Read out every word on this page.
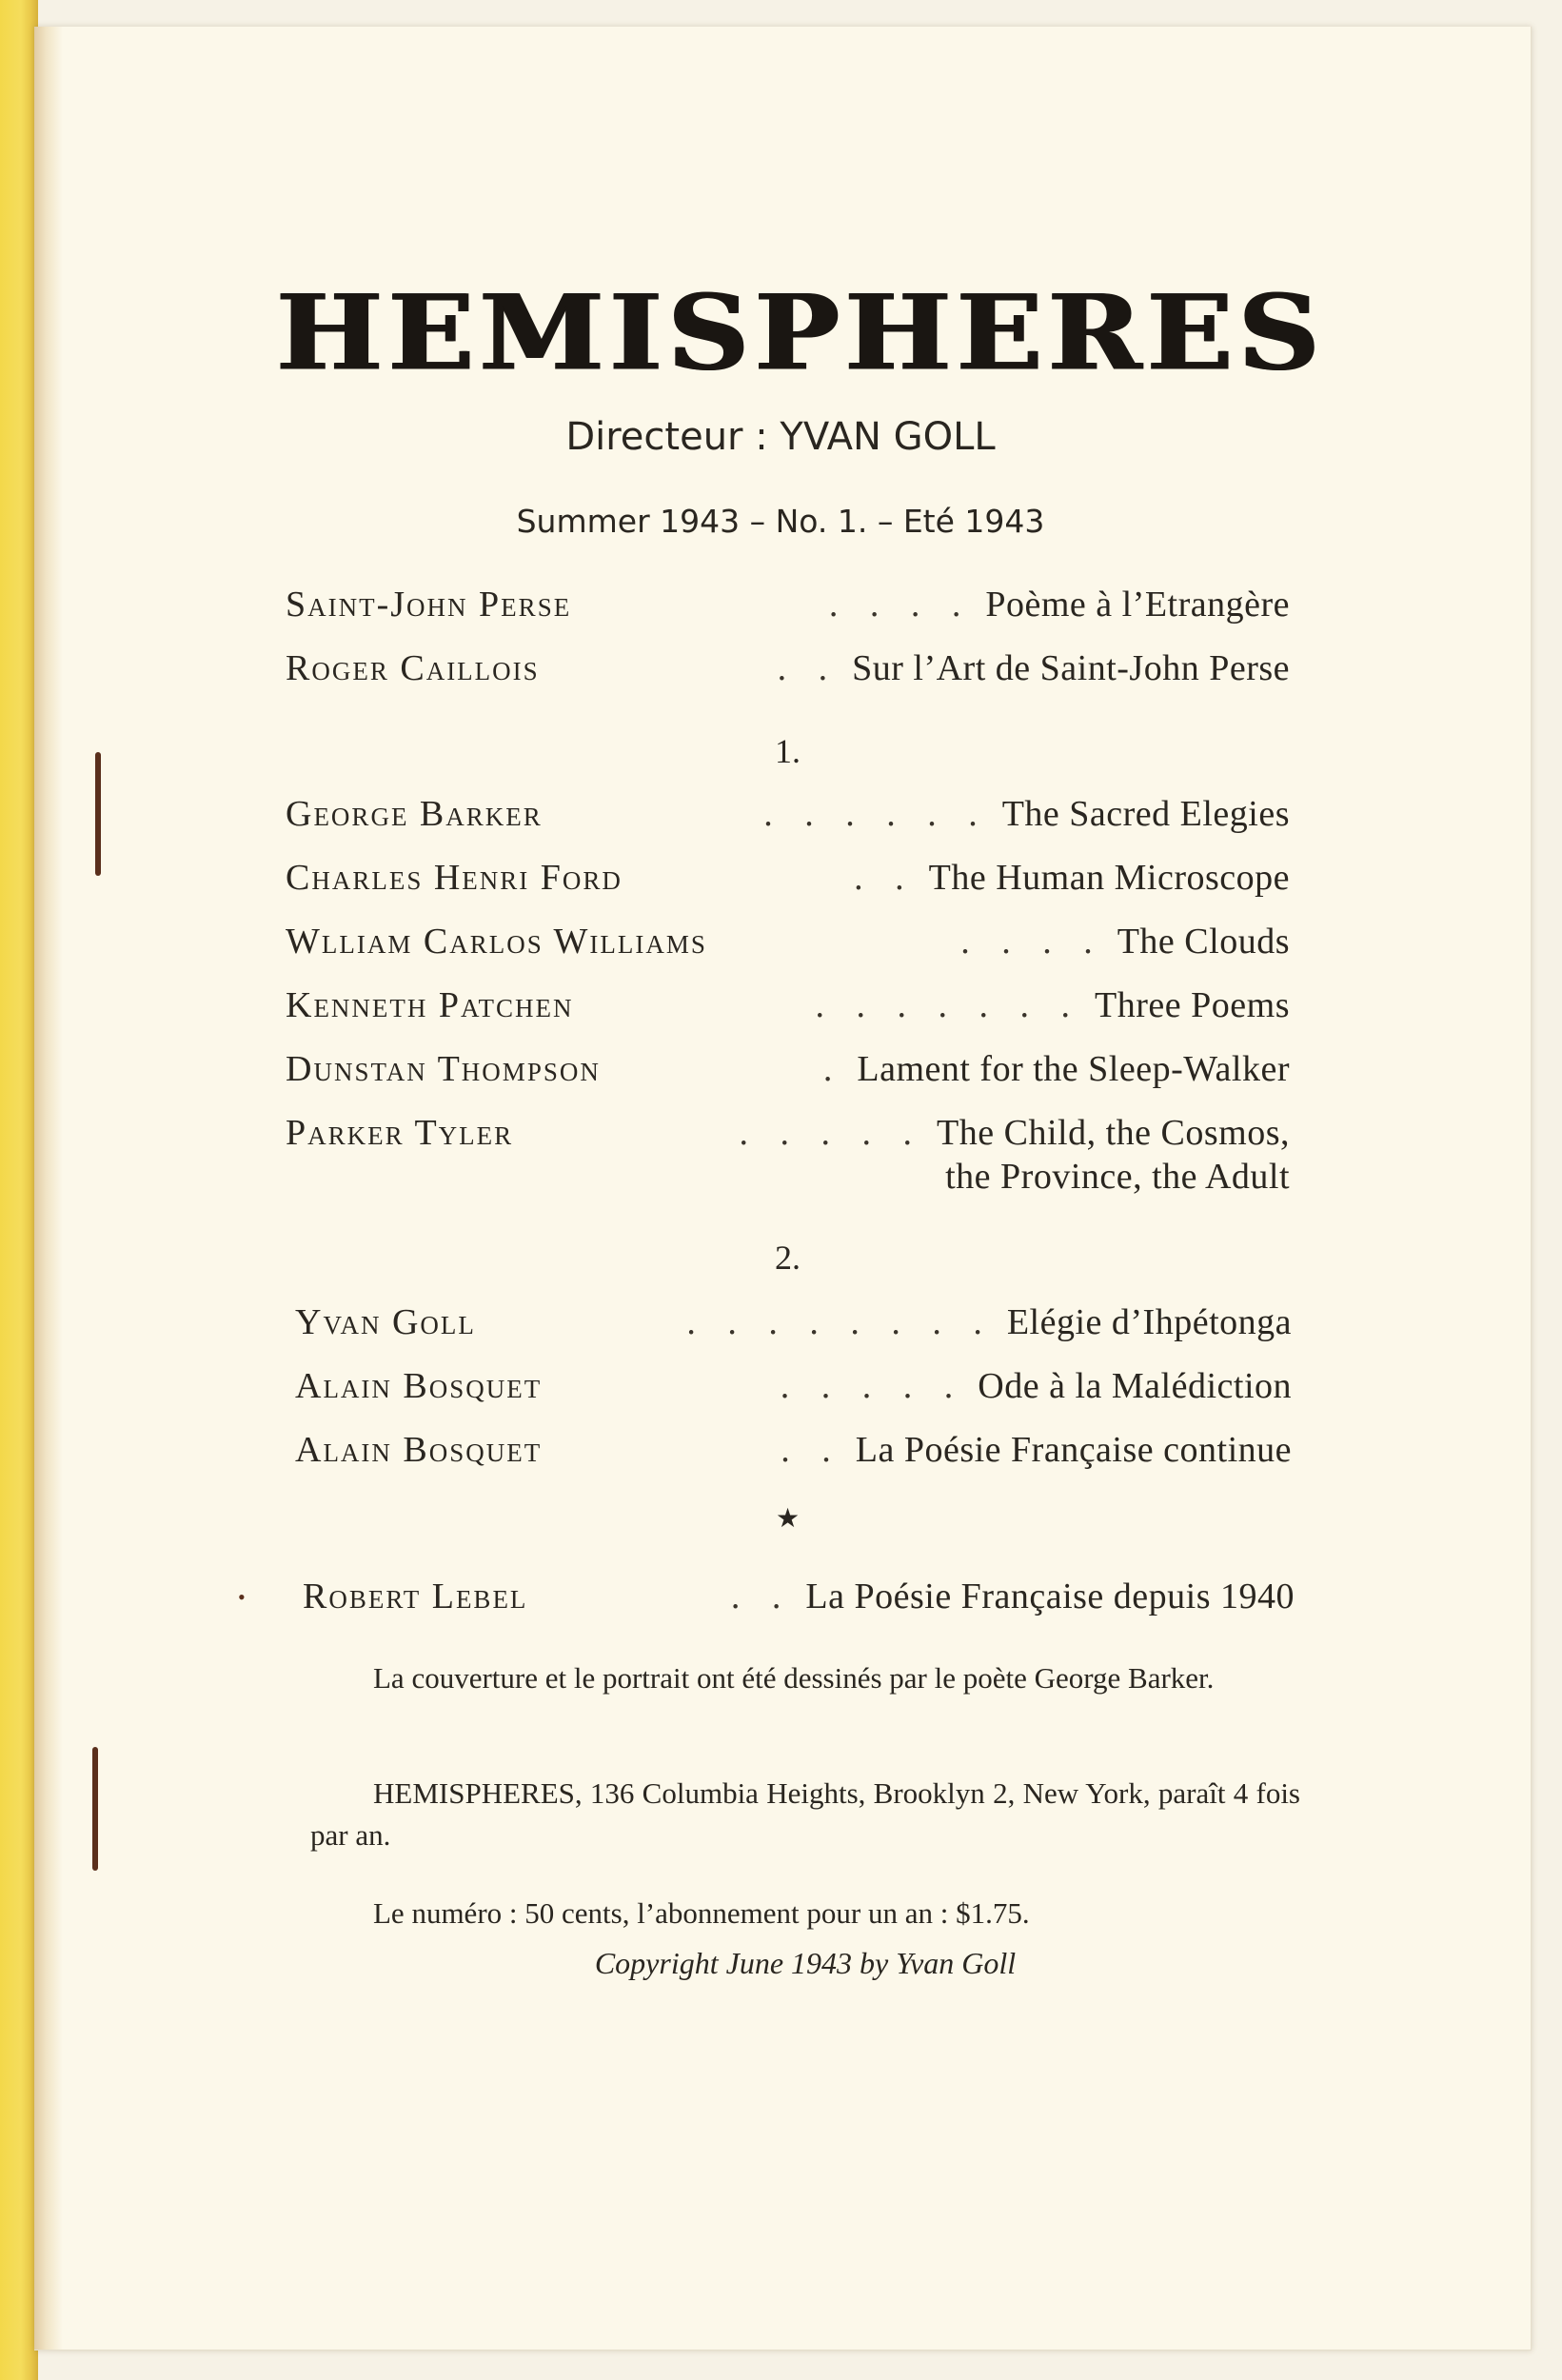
HEMISPHERES
Directeur : YVAN GOLL
Summer 1943 – No. 1. – Eté 1943
Saint-John Perse	. . . . Poème à l’Etrangère
Roger Caillois	. . Sur l’Art de Saint-John Perse
1.
George Barker	. . . . . . The Sacred Elegies
Charles Henri Ford	. . The Human Microscope
Wlliam Carlos Williams	. . . . The Clouds
Kenneth Patchen	. . . . . . . Three Poems
Dunstan Thompson	. Lament for the Sleep-Walker
Parker Tyler	. . . . . The Child, the Cosmos,
the Province, the Adult
2.
Yvan Goll	. . . . . . . . Elégie d’Ihpétonga
Alain Bosquet	. . . . . Ode à la Malédiction
Alain Bosquet	. . La Poésie Française continue
★
• Robert Lebel	. . La Poésie Française depuis 1940
La couverture et le portrait ont été dessinés par le poète George Barker.
HEMISPHERES, 136 Columbia Heights, Brooklyn 2, New York, paraît 4 fois par an.
Le numéro : 50 cents, l’abonnement pour un an : $1.75.
Copyright June 1943 by Yvan Goll
